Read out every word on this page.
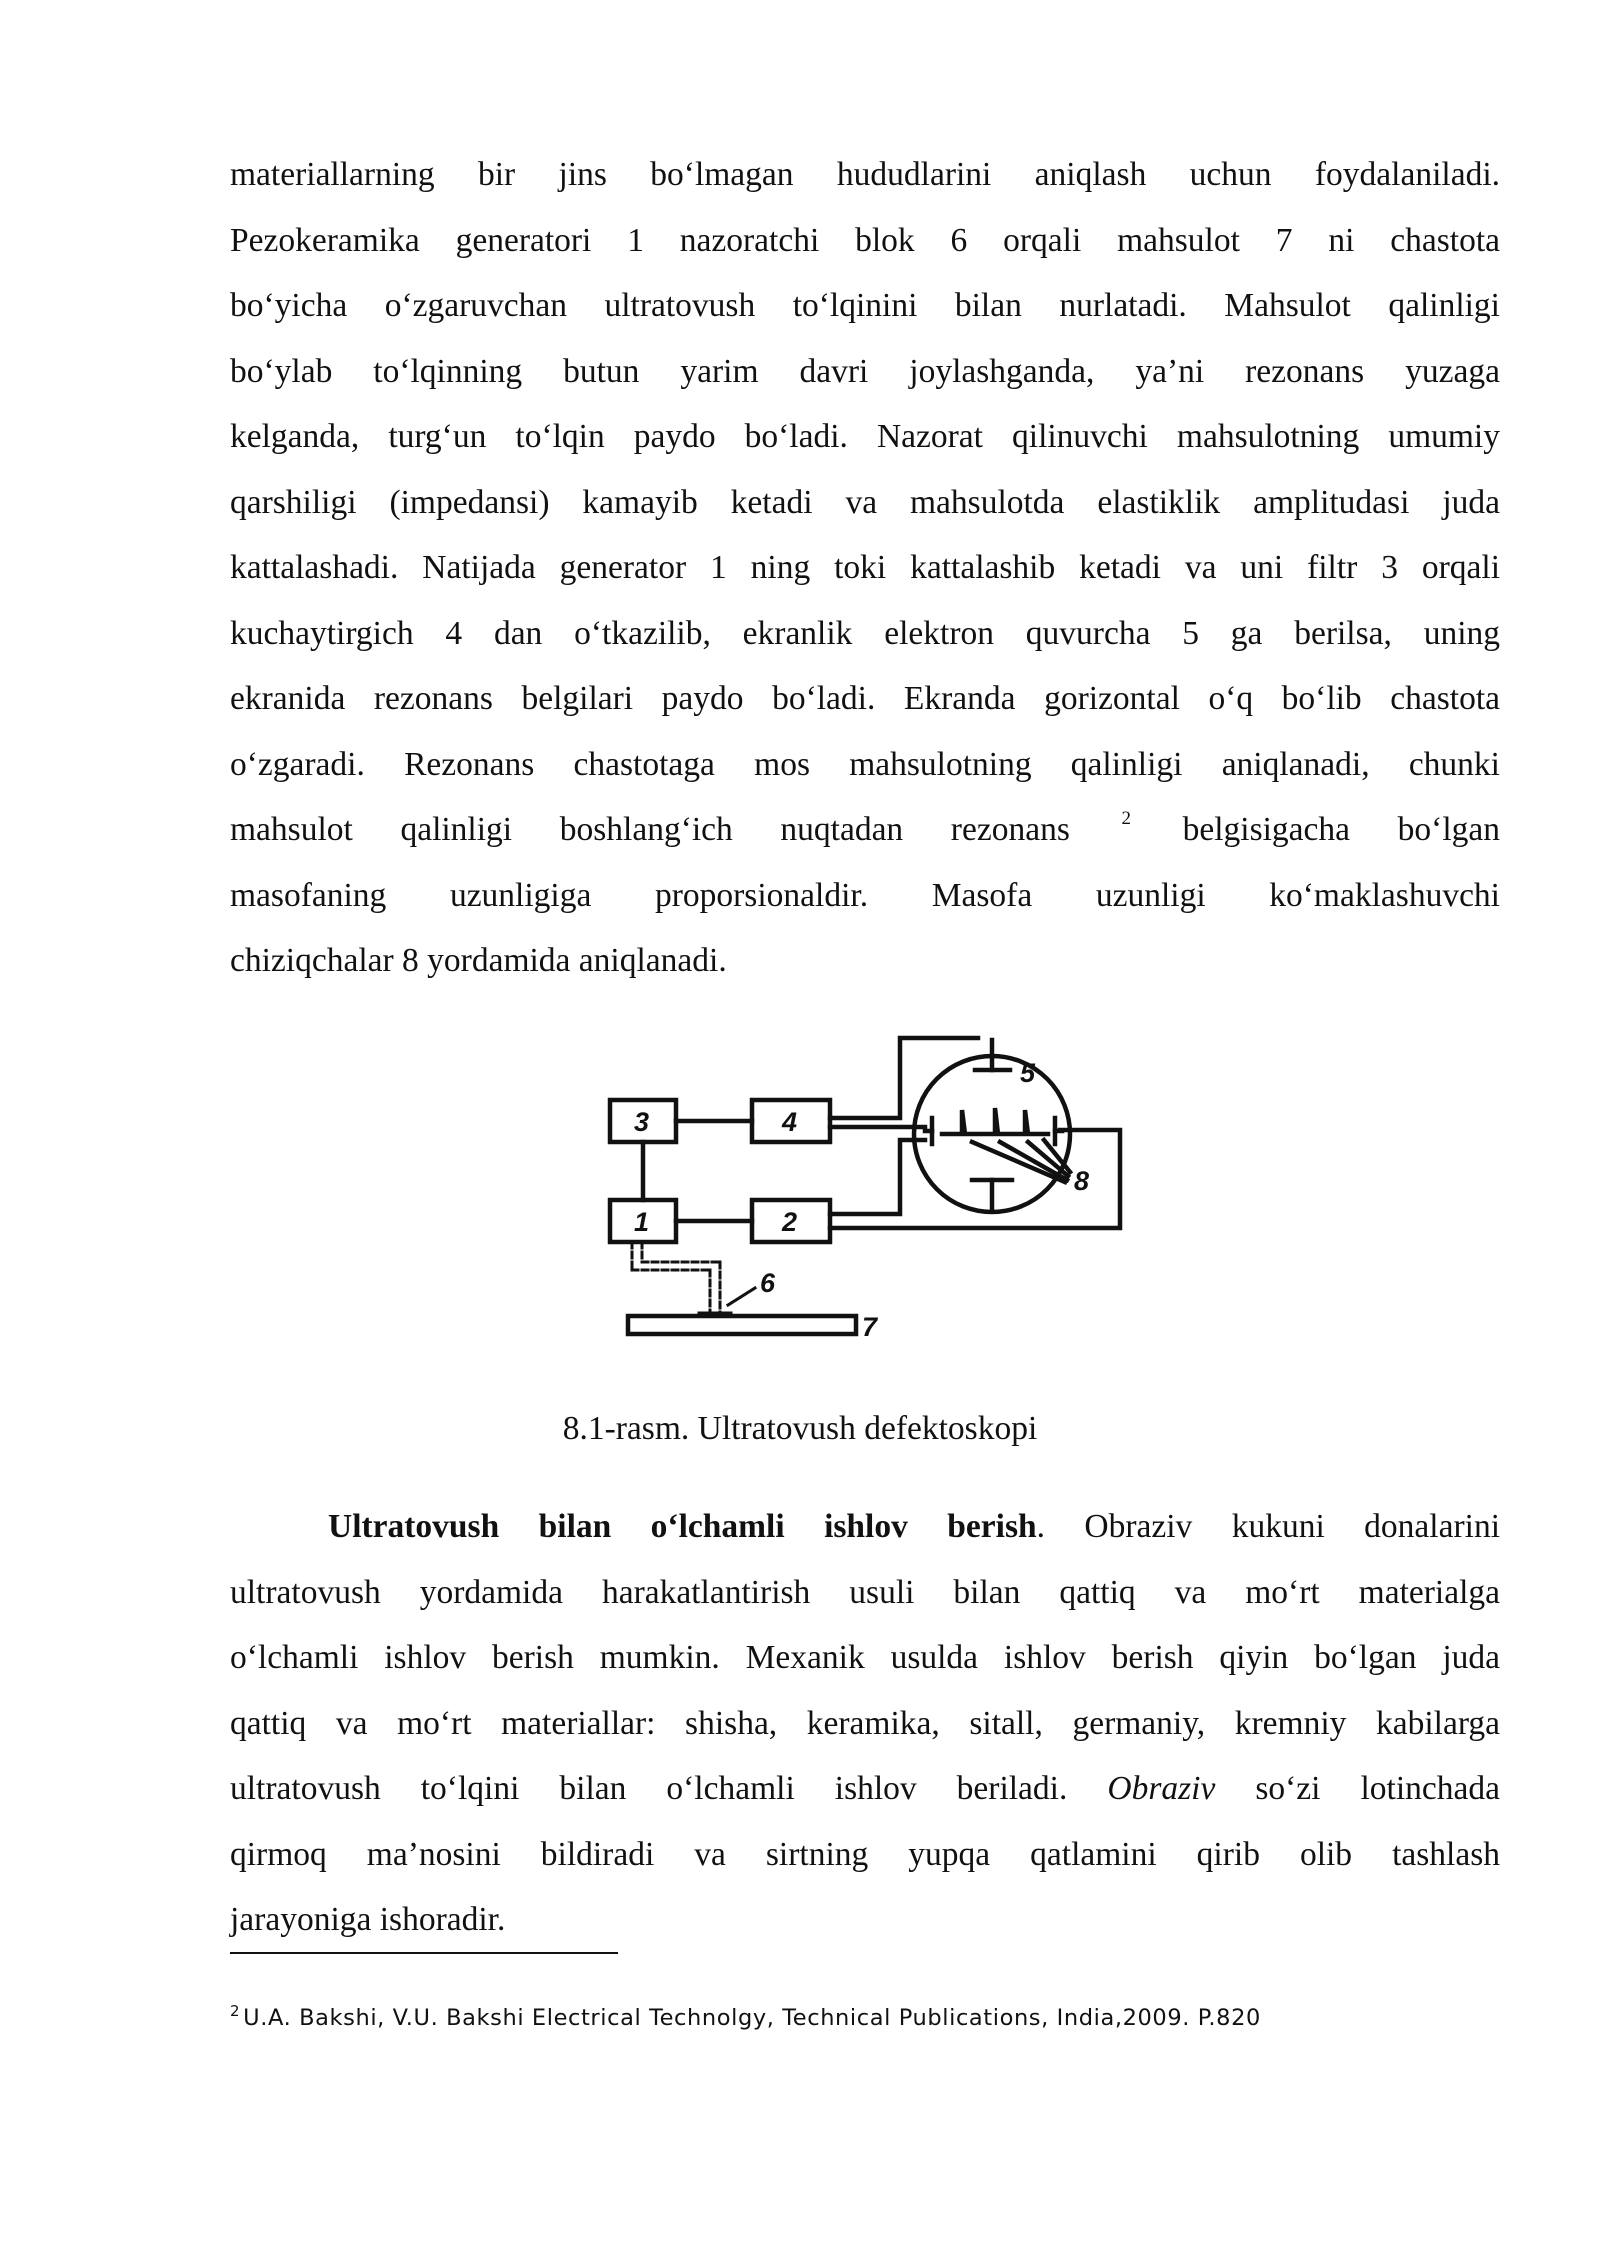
materiallarning bir jins bo‘lmagan hududlarini aniqlash uchun foydalaniladi.
Pezokeramika generatori 1 nazoratchi blok 6 orqali mahsulot 7 ni chastota
bo‘yicha o‘zgaruvchan ultratovush to‘lqinini bilan nurlatadi. Mahsulot qalinligi
bo‘ylab to‘lqinning butun yarim davri joylashganda, ya’ni rezonans yuzaga
kelganda, turg‘un to‘lqin paydo bo‘ladi. Nazorat qilinuvchi mahsulotning umumiy
qarshiligi (impedansi) kamayib ketadi va mahsulotda elastiklik amplitudasi juda
kattalashadi. Natijada generator 1 ning toki kattalashib ketadi va uni filtr 3 orqali
kuchaytirgich 4 dan o‘tkazilib, ekranlik elektron quvurcha 5 ga berilsa, uning
ekranida rezonans belgilari paydo bo‘ladi. Ekranda gorizontal o‘q bo‘lib chastota
o‘zgaradi. Rezonans chastotaga mos mahsulotning qalinligi aniqlanadi, chunki
mahsulot qalinligi boshlang‘ich nuqtadan rezonans	$^2$ belgisigacha bo‘lgan
masofaning uzunligiga proporsionaldir. Masofa uzunligi ko‘maklashuvchi
chiziqchalar 8 yordamida aniqlanadi.
3	4
1	2
5
6
7
8
8.1-rasm. Ultratovush defektoskopi
Ultratovush bilan o‘lchamli ishlov berish. Obraziv kukuni donalarini
ultratovush yordamida harakatlantirish usuli bilan qattiq va mo‘rt materialga
o‘lchamli ishlov berish mumkin. Mexanik usulda ishlov berish qiyin bo‘lgan juda
qattiq va mo‘rt materiallar: shisha, keramika, sitall, germaniy, kremniy kabilarga
ultratovush to‘lqini bilan o‘lchamli ishlov beriladi. Obraziv so‘zi lotinchada
qirmoq ma’nosini bildiradi va sirtning yupqa qatlamini qirib olib tashlash
jarayoniga ishoradir.
$^2$ U.A. Bakshi, V.U. Bakshi Electrical Technolgy, Technical Publications, India,2009. P.820
